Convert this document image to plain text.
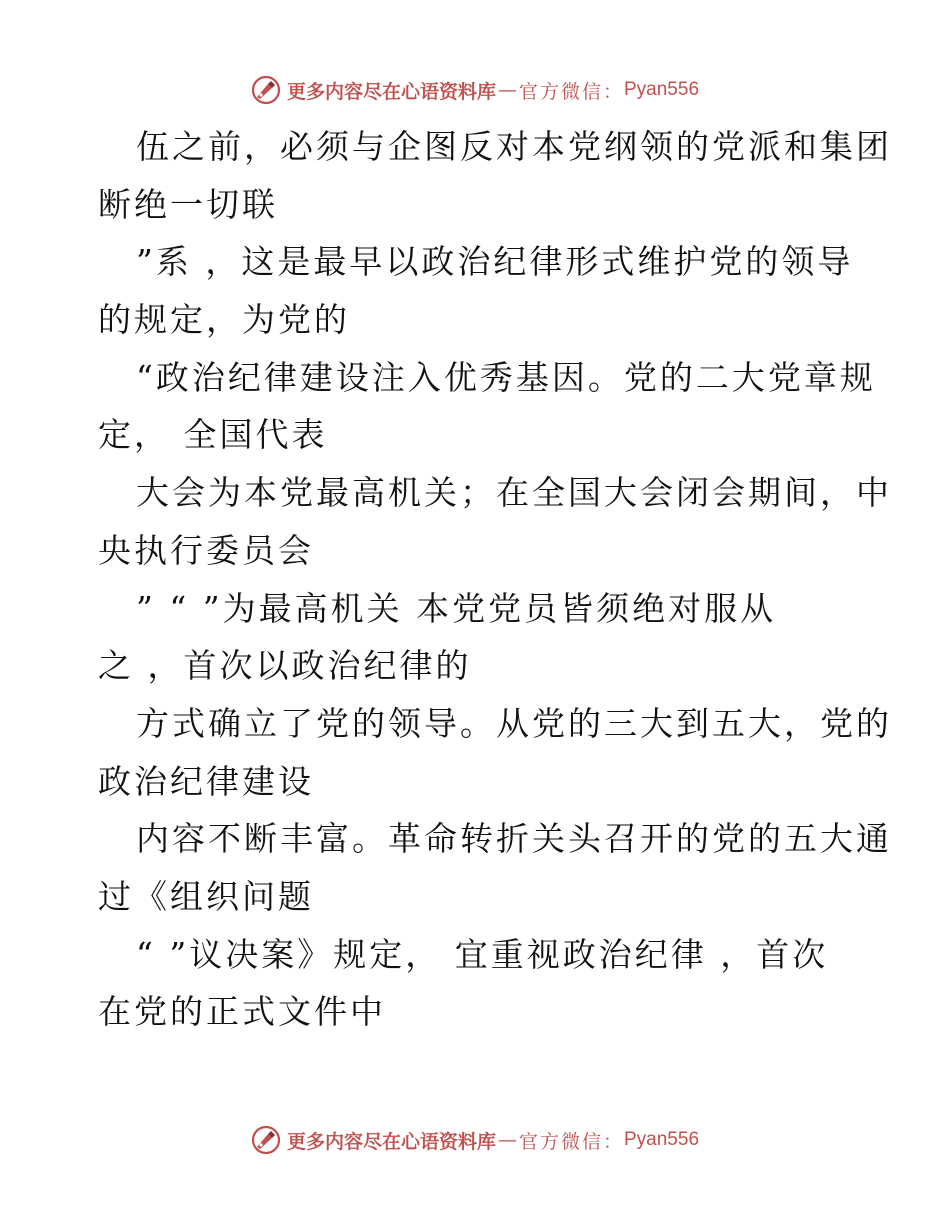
更多内容尽在心语资料库 — 官方微信： Pyan556
伍之前，必须与企图反对本党纲领的党派和集团
断绝一切联
”系 ，这是最早以政治纪律形式维护党的领导
的规定，为党的
“政治纪律建设注入优秀基因。党的二大党章规
定， 全国代表
大会为本党最高机关；在全国大会闭会期间，中
央执行委员会
” “ ”为最高机关 本党党员皆须绝对服从
之 ，首次以政治纪律的
方式确立了党的领导。从党的三大到五大，党的
政治纪律建设
内容不断丰富。革命转折关头召开的党的五大通
过《组织问题
“ ”议决案》规定， 宜重视政治纪律 ，首次
在党的正式文件中
更多内容尽在心语资料库 — 官方微信： Pyan556
